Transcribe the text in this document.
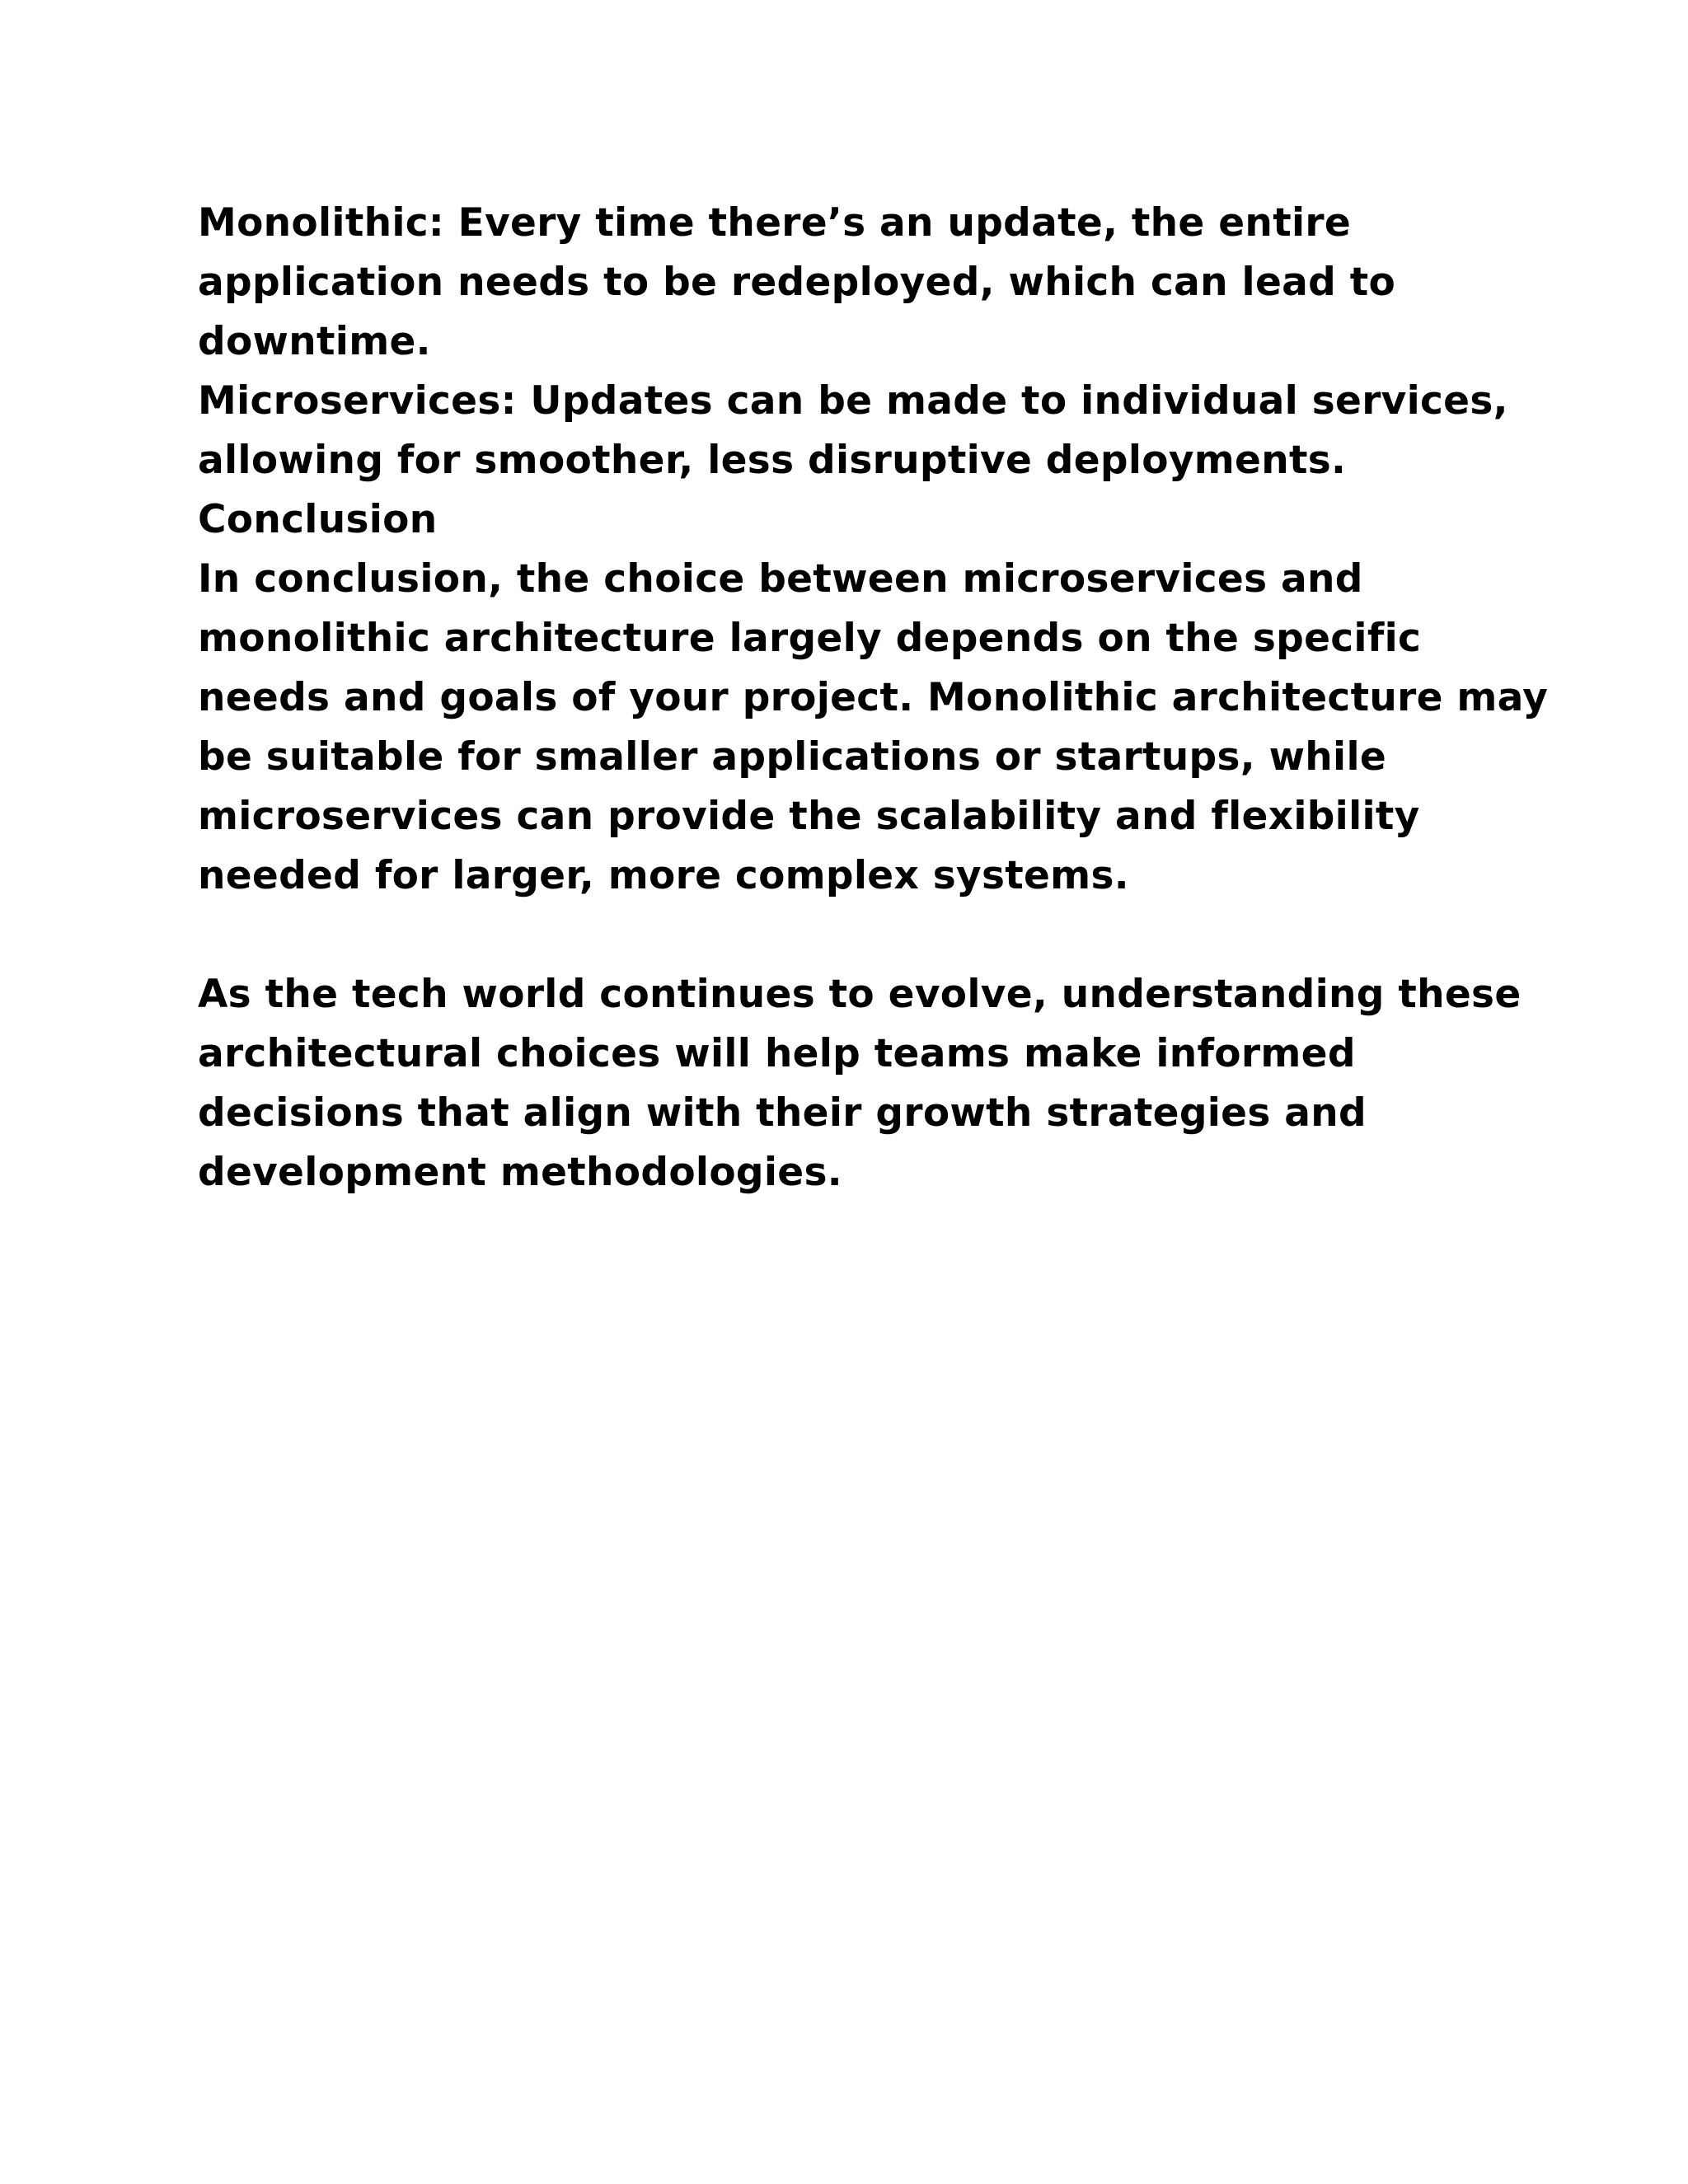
Monolithic: Every time there’s an update, the entire
application needs to be redeployed, which can lead to
downtime.
Microservices: Updates can be made to individual services,
allowing for smoother, less disruptive deployments.
Conclusion
In conclusion, the choice between microservices and
monolithic architecture largely depends on the specific
needs and goals of your project. Monolithic architecture may
be suitable for smaller applications or startups, while
microservices can provide the scalability and flexibility
needed for larger, more complex systems.
As the tech world continues to evolve, understanding these
architectural choices will help teams make informed
decisions that align with their growth strategies and
development methodologies.
